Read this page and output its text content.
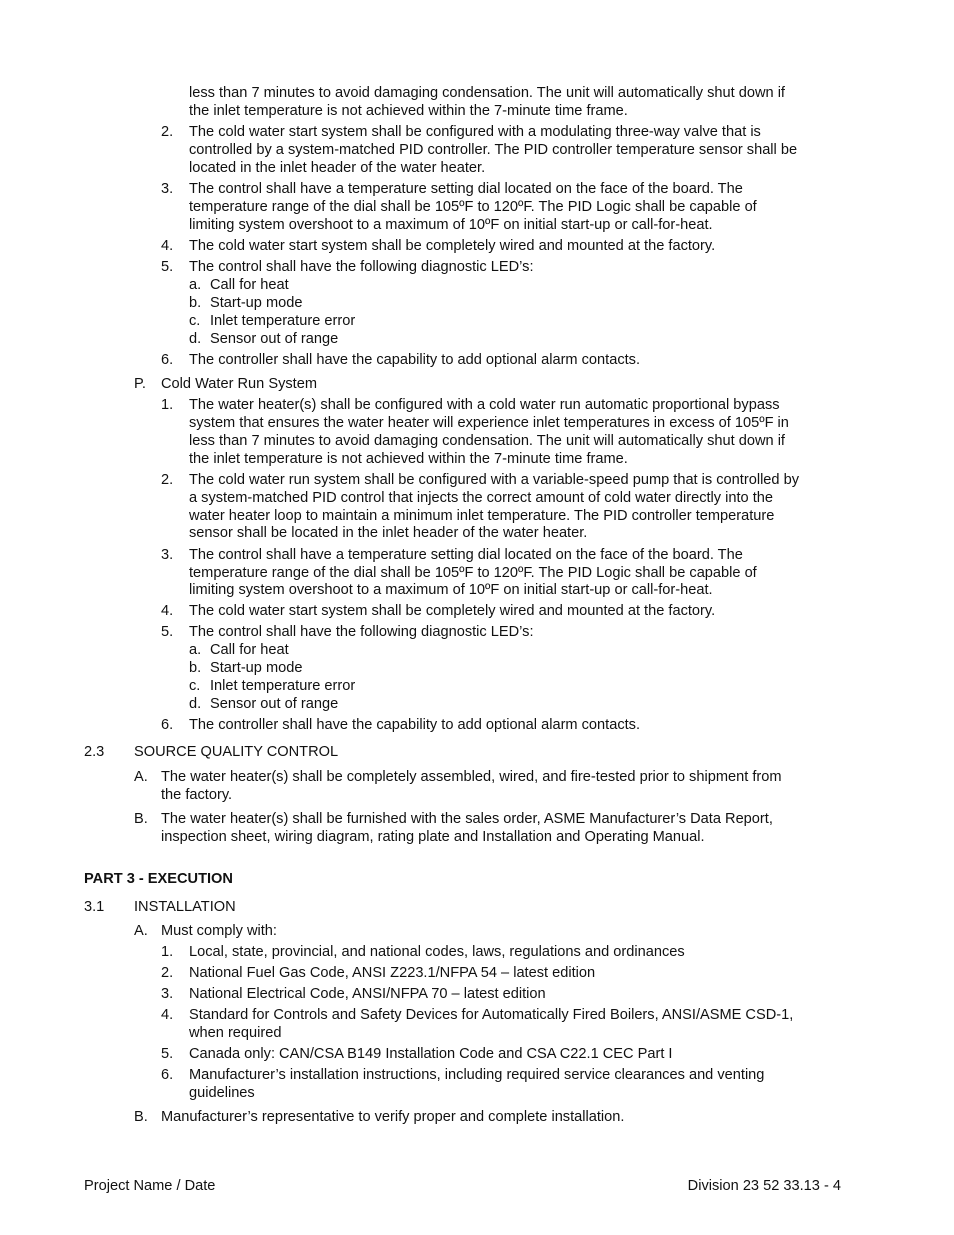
less than 7 minutes to avoid damaging condensation. The unit will automatically shut down if
the inlet temperature is not achieved within the 7-minute time frame.
2. The cold water start system shall be configured with a modulating three-way valve that is
controlled by a system-matched PID controller. The PID controller temperature sensor shall be
located in the inlet header of the water heater.
3. The control shall have a temperature setting dial located on the face of the board. The
temperature range of the dial shall be 105ºF to 120ºF. The PID Logic shall be capable of
limiting system overshoot to a maximum of 10ºF on initial start-up or call-for-heat.
4. The cold water start system shall be completely wired and mounted at the factory.
5. The control shall have the following diagnostic LED’s:
a. Call for heat
b. Start-up mode
c. Inlet temperature error
d. Sensor out of range
6. The controller shall have the capability to add optional alarm contacts.
P. Cold Water Run System
1. The water heater(s) shall be configured with a cold water run automatic proportional bypass
system that ensures the water heater will experience inlet temperatures in excess of 105ºF in
less than 7 minutes to avoid damaging condensation. The unit will automatically shut down if
the inlet temperature is not achieved within the 7-minute time frame.
2. The cold water run system shall be configured with a variable-speed pump that is controlled by
a system-matched PID control that injects the correct amount of cold water directly into the
water heater loop to maintain a minimum inlet temperature. The PID controller temperature
sensor shall be located in the inlet header of the water heater.
3. The control shall have a temperature setting dial located on the face of the board. The
temperature range of the dial shall be 105ºF to 120ºF. The PID Logic shall be capable of
limiting system overshoot to a maximum of 10ºF on initial start-up or call-for-heat.
4. The cold water start system shall be completely wired and mounted at the factory.
5. The control shall have the following diagnostic LED’s:
a. Call for heat
b. Start-up mode
c. Inlet temperature error
d. Sensor out of range
6. The controller shall have the capability to add optional alarm contacts.
2.3 SOURCE QUALITY CONTROL
A. The water heater(s) shall be completely assembled, wired, and fire-tested prior to shipment from
the factory.
B. The water heater(s) shall be furnished with the sales order, ASME Manufacturer’s Data Report,
inspection sheet, wiring diagram, rating plate and Installation and Operating Manual.
PART 3 - EXECUTION
3.1 INSTALLATION
A. Must comply with:
1. Local, state, provincial, and national codes, laws, regulations and ordinances
2. National Fuel Gas Code, ANSI Z223.1/NFPA 54 – latest edition
3. National Electrical Code, ANSI/NFPA 70 – latest edition
4. Standard for Controls and Safety Devices for Automatically Fired Boilers, ANSI/ASME CSD-1,
when required
5. Canada only: CAN/CSA B149 Installation Code and CSA C22.1 CEC Part I
6. Manufacturer’s installation instructions, including required service clearances and venting
guidelines
B. Manufacturer’s representative to verify proper and complete installation.
Project Name / Date	Division 23 52 33.13 - 4
